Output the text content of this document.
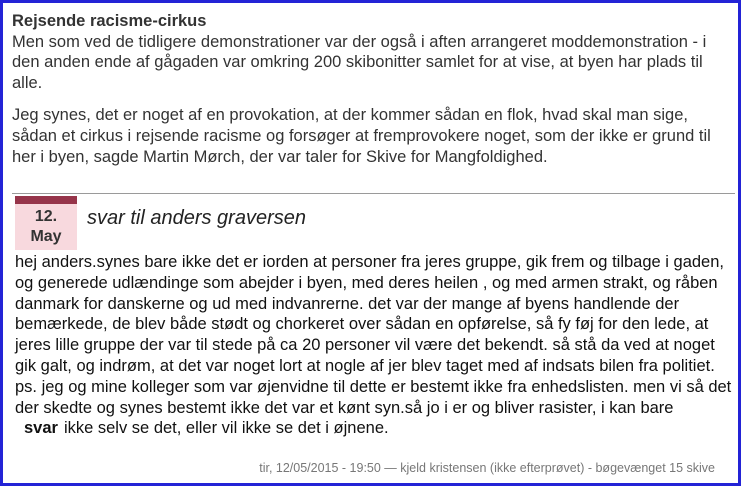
Rejsende racisme-cirkus

Men som ved de tidligere demonstrationer var der også i aften arrangeret moddemonstration - i den anden ende af gågaden var omkring 200 skibonitter samlet for at vise, at byen har plads til alle.

Jeg synes, det er noget af en provokation, at der kommer sådan en flok, hvad skal man sige, sådan et cirkus i rejsende racisme og forsøger at fremprovokere noget, som der ikke er grund til her i byen, sagde Martin Mørch, der var taler for Skive for Mangfoldighed.

12.
May
svar til anders graversen
hej anders.synes bare ikke det er iorden at personer fra jeres gruppe, gik frem og tilbage i gaden, og generede udlændinge som abejder i byen, med deres heilen , og med armen strakt, og råben danmark for danskerne og ud med indvanrerne. det var der mange af byens handlende der bemærkede, de blev både stødt og chorkeret over sådan en opførelse, så fy føj for den lede, at jeres lille gruppe der var til stede på ca 20 personer vil være det bekendt. så stå da ved at noget gik galt, og indrøm, at det var noget lort at nogle af jer blev taget med af indsats bilen fra politiet. ps. jeg og mine kolleger som var øjenvidne til dette er bestemt ikke fra enhedslisten. men vi så det der skedte og synes bestemt ikke det var et kønt syn.så jo i er og bliver rasister, i kan bare
svar ikke selv se det, eller vil ikke se det i øjnene.
tir, 12/05/2015 - 19:50 — kjeld kristensen (ikke efterprøvet) - bøgevænget 15 skive
